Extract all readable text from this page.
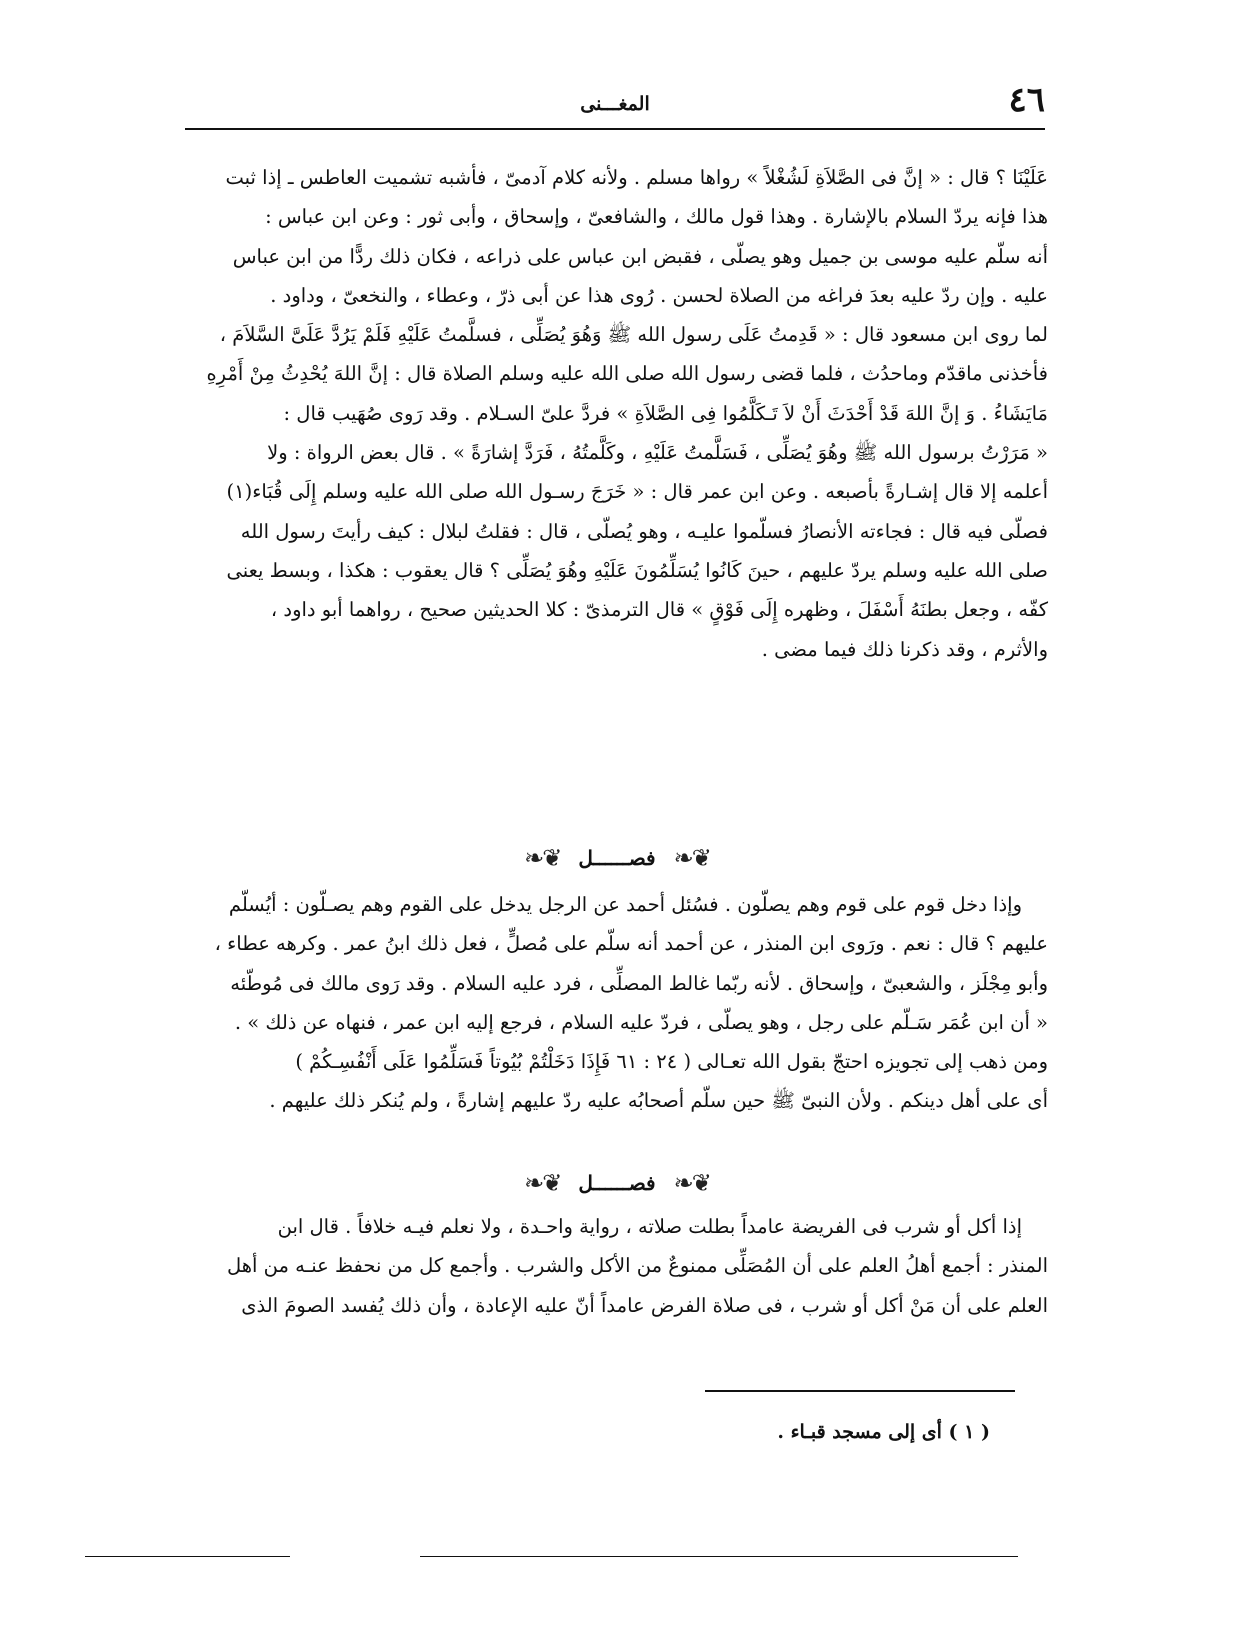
٤٦
المغـــنى

عَلَيْنَا ؟ قال : « إنَّ فى الصَّلاَةِ لَشُغْلاً » رواها مسلم . ولأنه كلام آدمىّ ، فأشبه تشميت العاطس ـ إذا ثبت

هذا فإنه يردّ السلام بالإشارة . وهذا قول مالك ، والشافعىّ ، وإسحاق ، وأبى ثور : وعن ابن عباس :

أنه سلّم عليه موسى بن جميل وهو يصلّى ، فقبض ابن عباس على ذراعه ، فكان ذلك ردًّا من ابن عباس

عليه . وإن ردّ عليه بعدَ فراغه من الصلاة لحسن . رُوى هذا عن أبى ذرّ ، وعطاء ، والنخعىّ ، وداود .

لما روى ابن مسعود قال : « قَدِمتُ عَلَى رسول الله ﷺ وَهُوَ يُصَلِّى ، فسلَّمتُ عَلَيْهِ فَلَمْ يَرُدَّ عَلَىَّ السَّلاَمَ ،

فأخذنى ماقدّم وماحدُث ، فلما قضى رسول الله صلى الله عليه وسلم الصلاة قال : إنَّ اللهَ يُحْدِثُ مِنْ أَمْرِهِ

مَايَشَاءُ . وَ إنَّ اللهَ قَدْ أَحْدَثَ أَنْ لاَ تَـكَلَّمُوا فِى الصَّلاَةِ » فردَّ علىّ السـلام . وقد رَوى صُهَيب قال :

« مَرَرْتُ برسول الله ﷺ وهُوَ يُصَلِّى ، فَسَلَّمتُ عَلَيْهِ ، وكَلَّمتُهُ ، فَرَدَّ إشارَةً » . قال بعض الرواة : ولا

أعلمه إلا قال إشـارةً بأصبعه . وعن ابن عمر قال : « خَرَجَ رسـول الله صلى الله عليه وسلم إِلَى قُبَاء(١)

فصلّى فيه قال : فجاءته الأنصارُ فسلّموا عليـه ، وهو يُصلّى ، قال : فقلتُ لبلال : كيف رأيتَ رسول الله

صلى الله عليه وسلم يردّ عليهم ، حينَ كَانُوا يُسَلِّمُونَ عَلَيْهِ وهُوَ يُصَلِّى ؟ قال يعقوب : هكذا ، وبسط يعنى

كفّه ، وجعل بطنَهُ أَسْفَلَ ، وظهره إِلَى فَوْقٍ » قال الترمذىّ : كلا الحديثين صحيح ، رواهما أبو داود ،

والأثرم ، وقد ذكرنا ذلك فيما مضى .

❦❧
فصــــــل
❦❧

وإذا دخل قوم على قوم وهم يصلّون . فسُئل أحمد عن الرجل يدخل على القوم وهم يصـلّون : أيُسلّم

عليهم ؟ قال : نعم . ورَوى ابن المنذر ، عن أحمد أنه سلّم على مُصلٍّ ، فعل ذلك ابنُ عمر . وكرهه عطاء ،

وأبو مِجْلَز ، والشعبىّ ، وإسحاق . لأنه ربّما غالط المصلِّى ، فرد عليه السلام . وقد رَوى مالك فى مُوطّئه

« أن ابن عُمَر سَـلّم على رجل ، وهو يصلّى ، فردّ عليه السلام ، فرجع إليه ابن عمر ، فنهاه عن ذلك » .

ومن ذهب إلى تجويزه احتجّ بقول الله تعـالى ( ٢٤ : ٦١ فَإِذَا دَخَلْتُمْ بُيُوتاً فَسَلِّمُوا عَلَى أَنْفُسِـكُمْ )

أى على أهل دينكم . ولأن النبىّ ﷺ حين سلّم أصحابُه عليه ردّ عليهم إشارةً ، ولم يُنكر ذلك عليهم .

❦❧
فصــــــل
❦❧

إذا أكل أو شرب فى الفريضة عامداً بطلت صلاته ، رواية واحـدة ، ولا نعلم فيـه خلافاً . قال ابن

المنذر : أجمع أهلُ العلم على أن المُصَلِّى ممنوعٌ من الأكل والشرب . وأجمع كل من نحفظ عنـه من أهل

العلم على أن مَنْ أكل أو شرب ، فى صلاة الفرض عامداً أنّ عليه الإعادة ، وأن ذلك يُفسد الصومَ الذى

( ١ ) أى إلى مسجد قبـاء .
